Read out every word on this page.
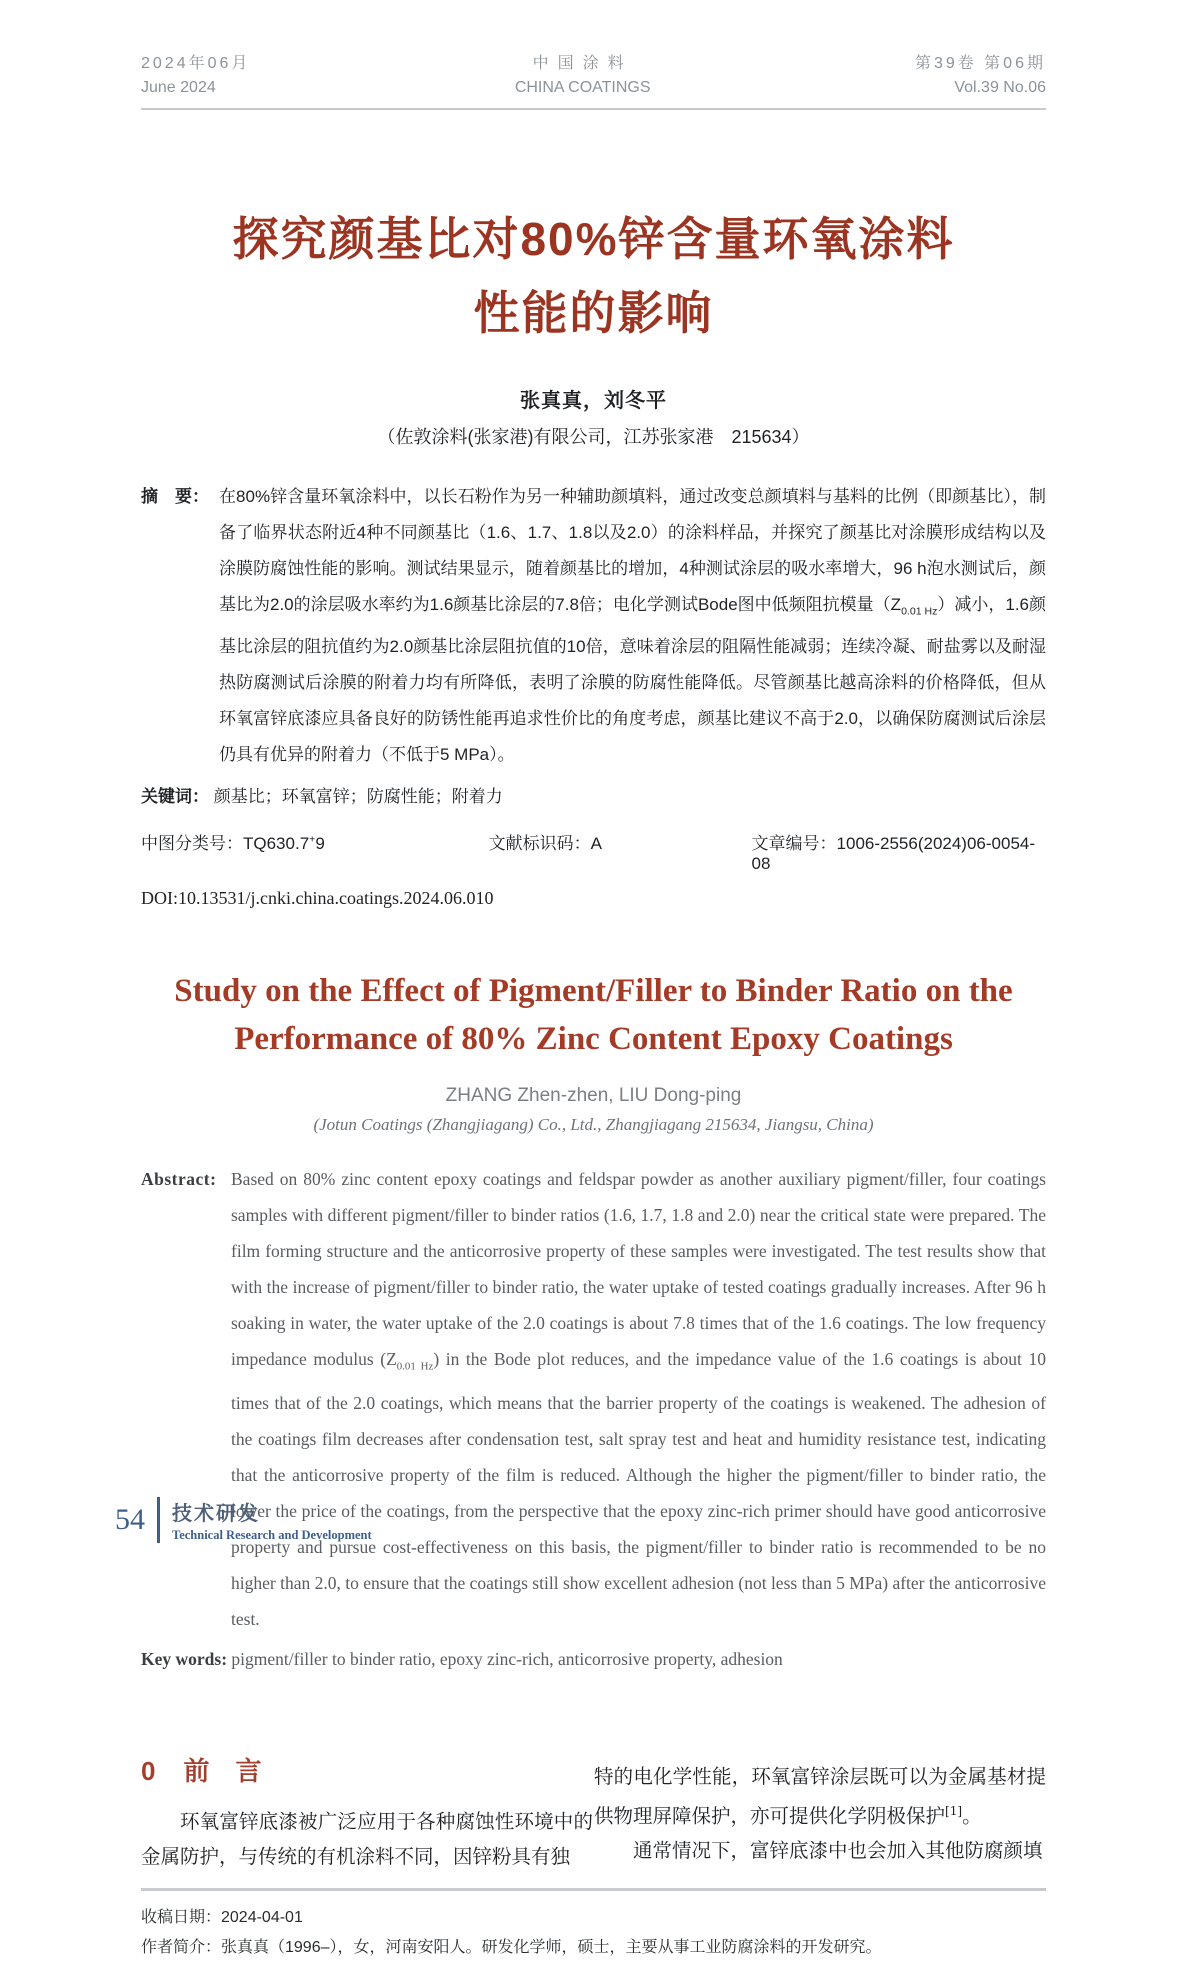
2024年06月
June 2024
中国涂料
CHINA COATINGS
第39卷 第06期
Vol.39 No.06
探究颜基比对80%锌含量环氧涂料
性能的影响
张真真，刘冬平
（佐敦涂料(张家港)有限公司，江苏张家港　215634）
摘　要： 在80%锌含量环氧涂料中，以长石粉作为另一种辅助颜填料，通过改变总颜填料与基料的比例（即颜基比），制备了临界状态附近4种不同颜基比（1.6、1.7、1.8以及2.0）的涂料样品，并探究了颜基比对涂膜形成结构以及涂膜防腐蚀性能的影响。测试结果显示，随着颜基比的增加，4种测试涂层的吸水率增大，96 h泡水测试后，颜基比为2.0的涂层吸水率约为1.6颜基比涂层的7.8倍；电化学测试Bode图中低频阻抗模量$(Z_{0.01 Hz})$减小，1.6颜基比涂层的阻抗值约为2.0颜基比涂层阻抗值的10倍，意味着涂层的阻隔性能减弱；连续冷凝、耐盐雾以及耐湿热防腐测试后涂膜的附着力均有所降低，表明了涂膜的防腐性能降低。尽管颜基比越高涂料的价格降低，但从环氧富锌底漆应具备良好的防锈性能再追求性价比的角度考虑，颜基比建议不高于2.0，以确保防腐测试后涂层仍具有优异的附着力（不低于5 MPa）。
关键词： 颜基比；环氧富锌；防腐性能；附着力
中图分类号：TQ630.7+9	文献标识码：A	文章编号：1006-2556(2024)06-0054-08
DOI:10.13531/j.cnki.china.coatings.2024.06.010
Study on the Effect of Pigment/Filler to Binder Ratio on the
Performance of 80% Zinc Content Epoxy Coatings
ZHANG Zhen-zhen, LIU Dong-ping
(Jotun Coatings (Zhangjiagang) Co., Ltd., Zhangjiagang 215634, Jiangsu, China)
Abstract: Based on 80% zinc content epoxy coatings and feldspar powder as another auxiliary pigment/filler, four coatings samples with different pigment/filler to binder ratios (1.6, 1.7, 1.8 and 2.0) near the critical state were prepared. The film forming structure and the anticorrosive property of these samples were investigated. The test results show that with the increase of pigment/filler to binder ratio, the water uptake of tested coatings gradually increases. After 96 h soaking in water, the water uptake of the 2.0 coatings is about 7.8 times that of the 1.6 coatings. The low frequency impedance modulus $(Z_{0.01 Hz})$ in the Bode plot reduces, and the impedance value of the 1.6 coatings is about 10 times that of the 2.0 coatings, which means that the barrier property of the coatings is weakened. The adhesion of the coatings film decreases after condensation test, salt spray test and heat and humidity resistance test, indicating that the anticorrosive property of the film is reduced. Although the higher the pigment/filler to binder ratio, the lower the price of the coatings, from the perspective that the epoxy zinc-rich primer should have good anticorrosive property and pursue cost-effectiveness on this basis, the pigment/filler to binder ratio is recommended to be no higher than 2.0, to ensure that the coatings still show excellent adhesion (not less than 5 MPa) after the anticorrosive test.
Key words: pigment/filler to binder ratio, epoxy zinc-rich, anticorrosive property, adhesion
0 前言

环氧富锌底漆被广泛应用于各种腐蚀性环境中的金属防护，与传统的有机涂料不同，因锌粉具有独

特的电化学性能，环氧富锌涂层既可以为金属基材提供物理屏障保护，亦可提供化学阴极保护[1]。

通常情况下，富锌底漆中也会加入其他防腐颜填

收稿日期：2024-04-01
作者简介：张真真（1996–），女，河南安阳人。研发化学师，硕士，主要从事工业防腐涂料的开发研究。
54 技术研发
Technical Research and Development
